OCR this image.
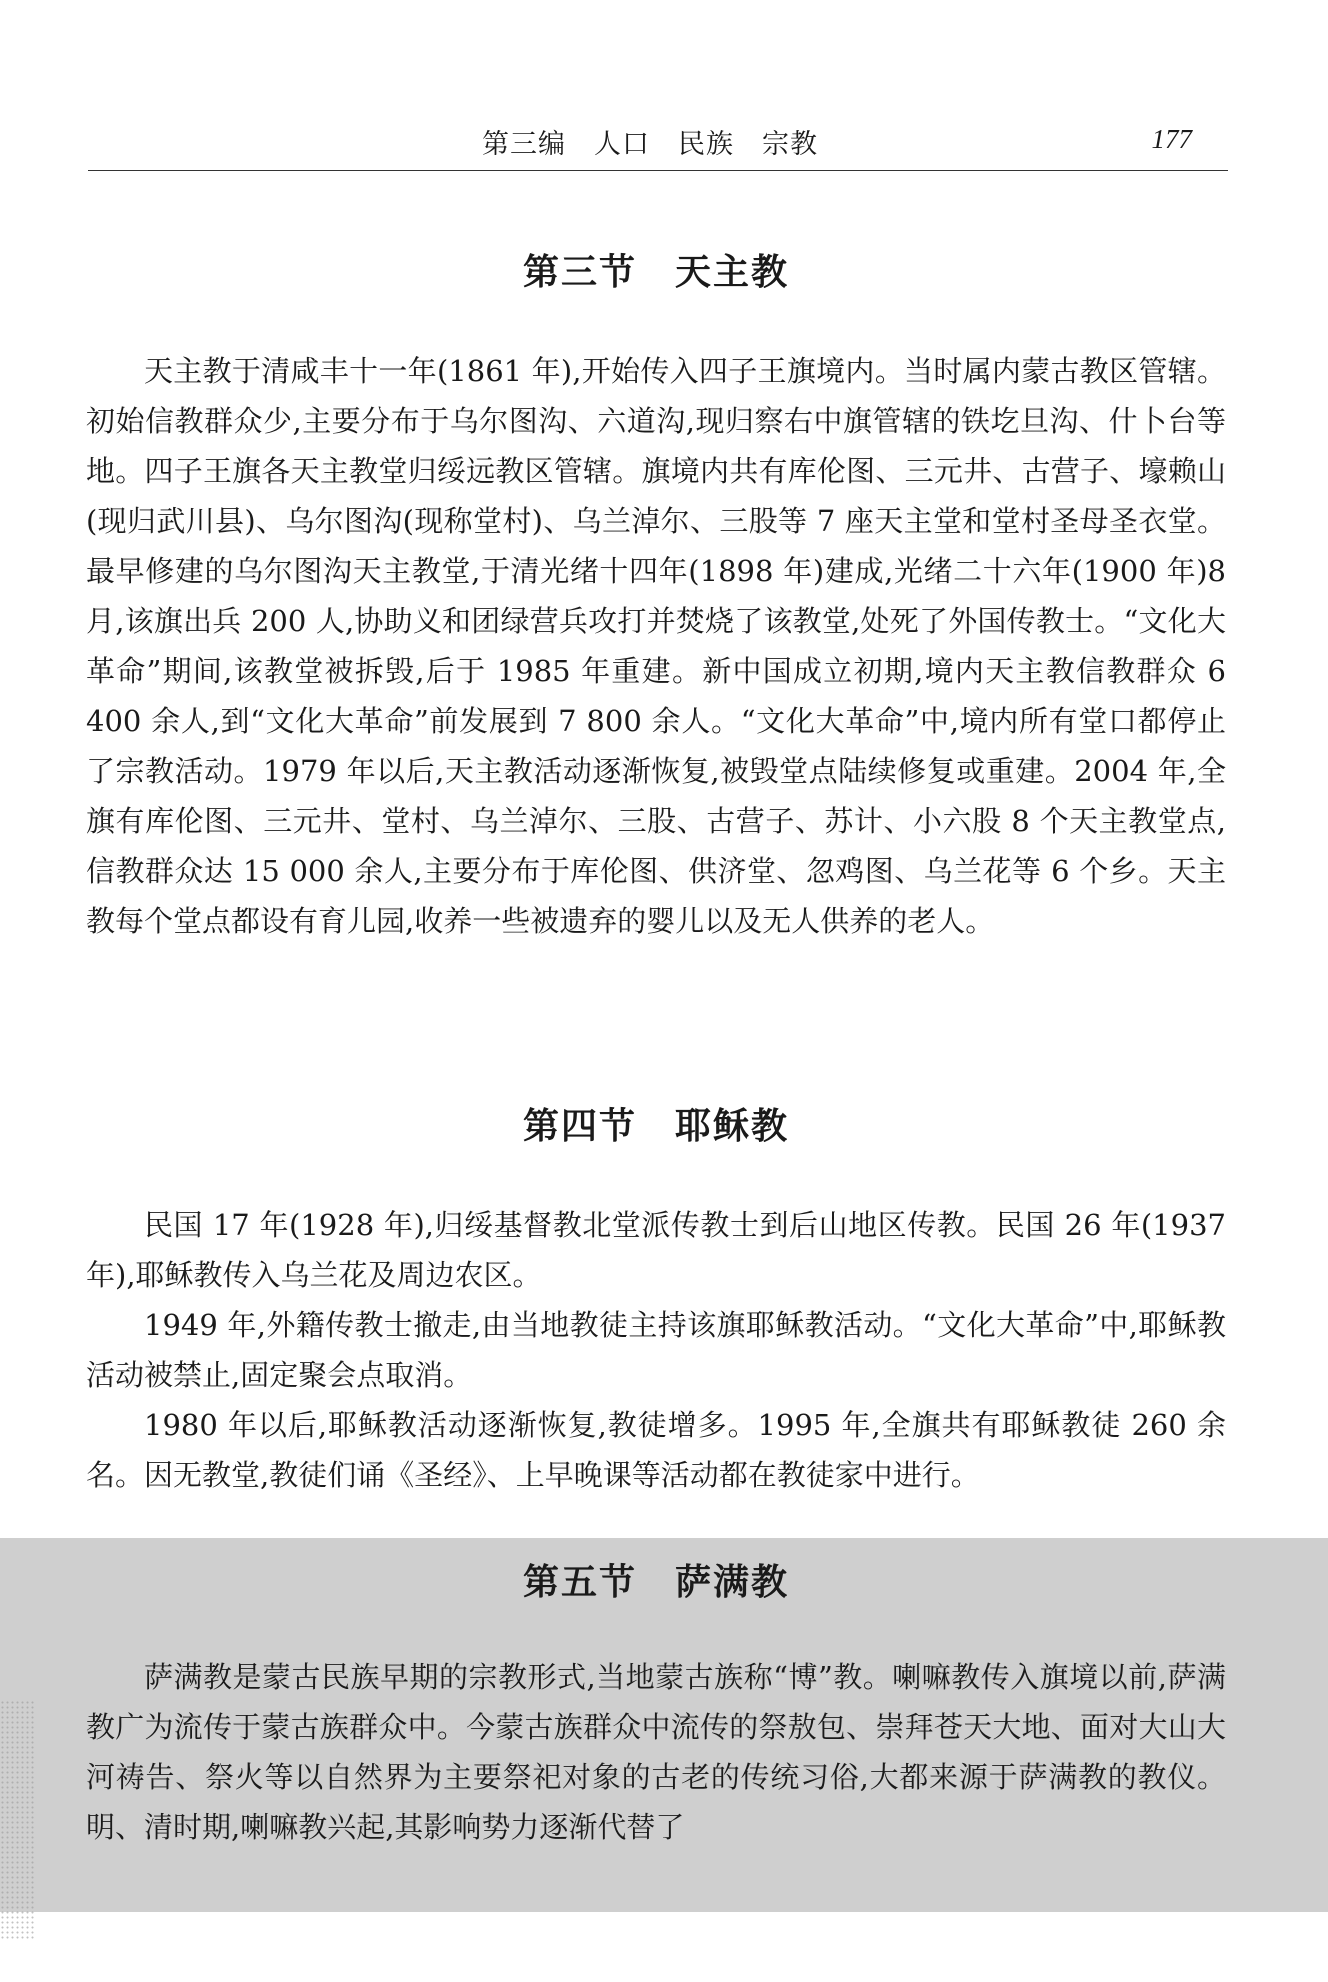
第三编　人口　民族　宗教	177
第三节　天主教

天主教于清咸丰十一年(1861 年),开始传入四子王旗境内。当时属内蒙古教区管辖。初始信教群众少,主要分布于乌尔图沟、六道沟,现归察右中旗管辖的铁圪旦沟、什卜台等地。四子王旗各天主教堂归绥远教区管辖。旗境内共有库伦图、三元井、古营子、壕赖山(现归武川县)、乌尔图沟(现称堂村)、乌兰淖尔、三股等 7 座天主堂和堂村圣母圣衣堂。最早修建的乌尔图沟天主教堂,于清光绪十四年(1898 年)建成,光绪二十六年(1900 年)8 月,该旗出兵 200 人,协助义和团绿营兵攻打并焚烧了该教堂,处死了外国传教士。“文化大革命”期间,该教堂被拆毁,后于 1985 年重建。新中国成立初期,境内天主教信教群众 6 400 余人,到“文化大革命”前发展到 7 800 余人。“文化大革命”中,境内所有堂口都停止了宗教活动。1979 年以后,天主教活动逐渐恢复,被毁堂点陆续修复或重建。2004 年,全旗有库伦图、三元井、堂村、乌兰淖尔、三股、古营子、苏计、小六股 8 个天主教堂点,信教群众达 15 000 余人,主要分布于库伦图、供济堂、忽鸡图、乌兰花等 6 个乡。天主教每个堂点都设有育儿园,收养一些被遗弃的婴儿以及无人供养的老人。

第四节　耶稣教

民国 17 年(1928 年),归绥基督教北堂派传教士到后山地区传教。民国 26 年(1937 年),耶稣教传入乌兰花及周边农区。

1949 年,外籍传教士撤走,由当地教徒主持该旗耶稣教活动。“文化大革命”中,耶稣教活动被禁止,固定聚会点取消。

1980 年以后,耶稣教活动逐渐恢复,教徒增多。1995 年,全旗共有耶稣教徒 260 余名。因无教堂,教徒们诵《圣经》、上早晚课等活动都在教徒家中进行。

第五节　萨满教

萨满教是蒙古民族早期的宗教形式,当地蒙古族称“博”教。喇嘛教传入旗境以前,萨满教广为流传于蒙古族群众中。今蒙古族群众中流传的祭敖包、崇拜苍天大地、面对大山大河祷告、祭火等以自然界为主要祭祀对象的古老的传统习俗,大都来源于萨满教的教仪。明、清时期,喇嘛教兴起,其影响势力逐渐代替了
